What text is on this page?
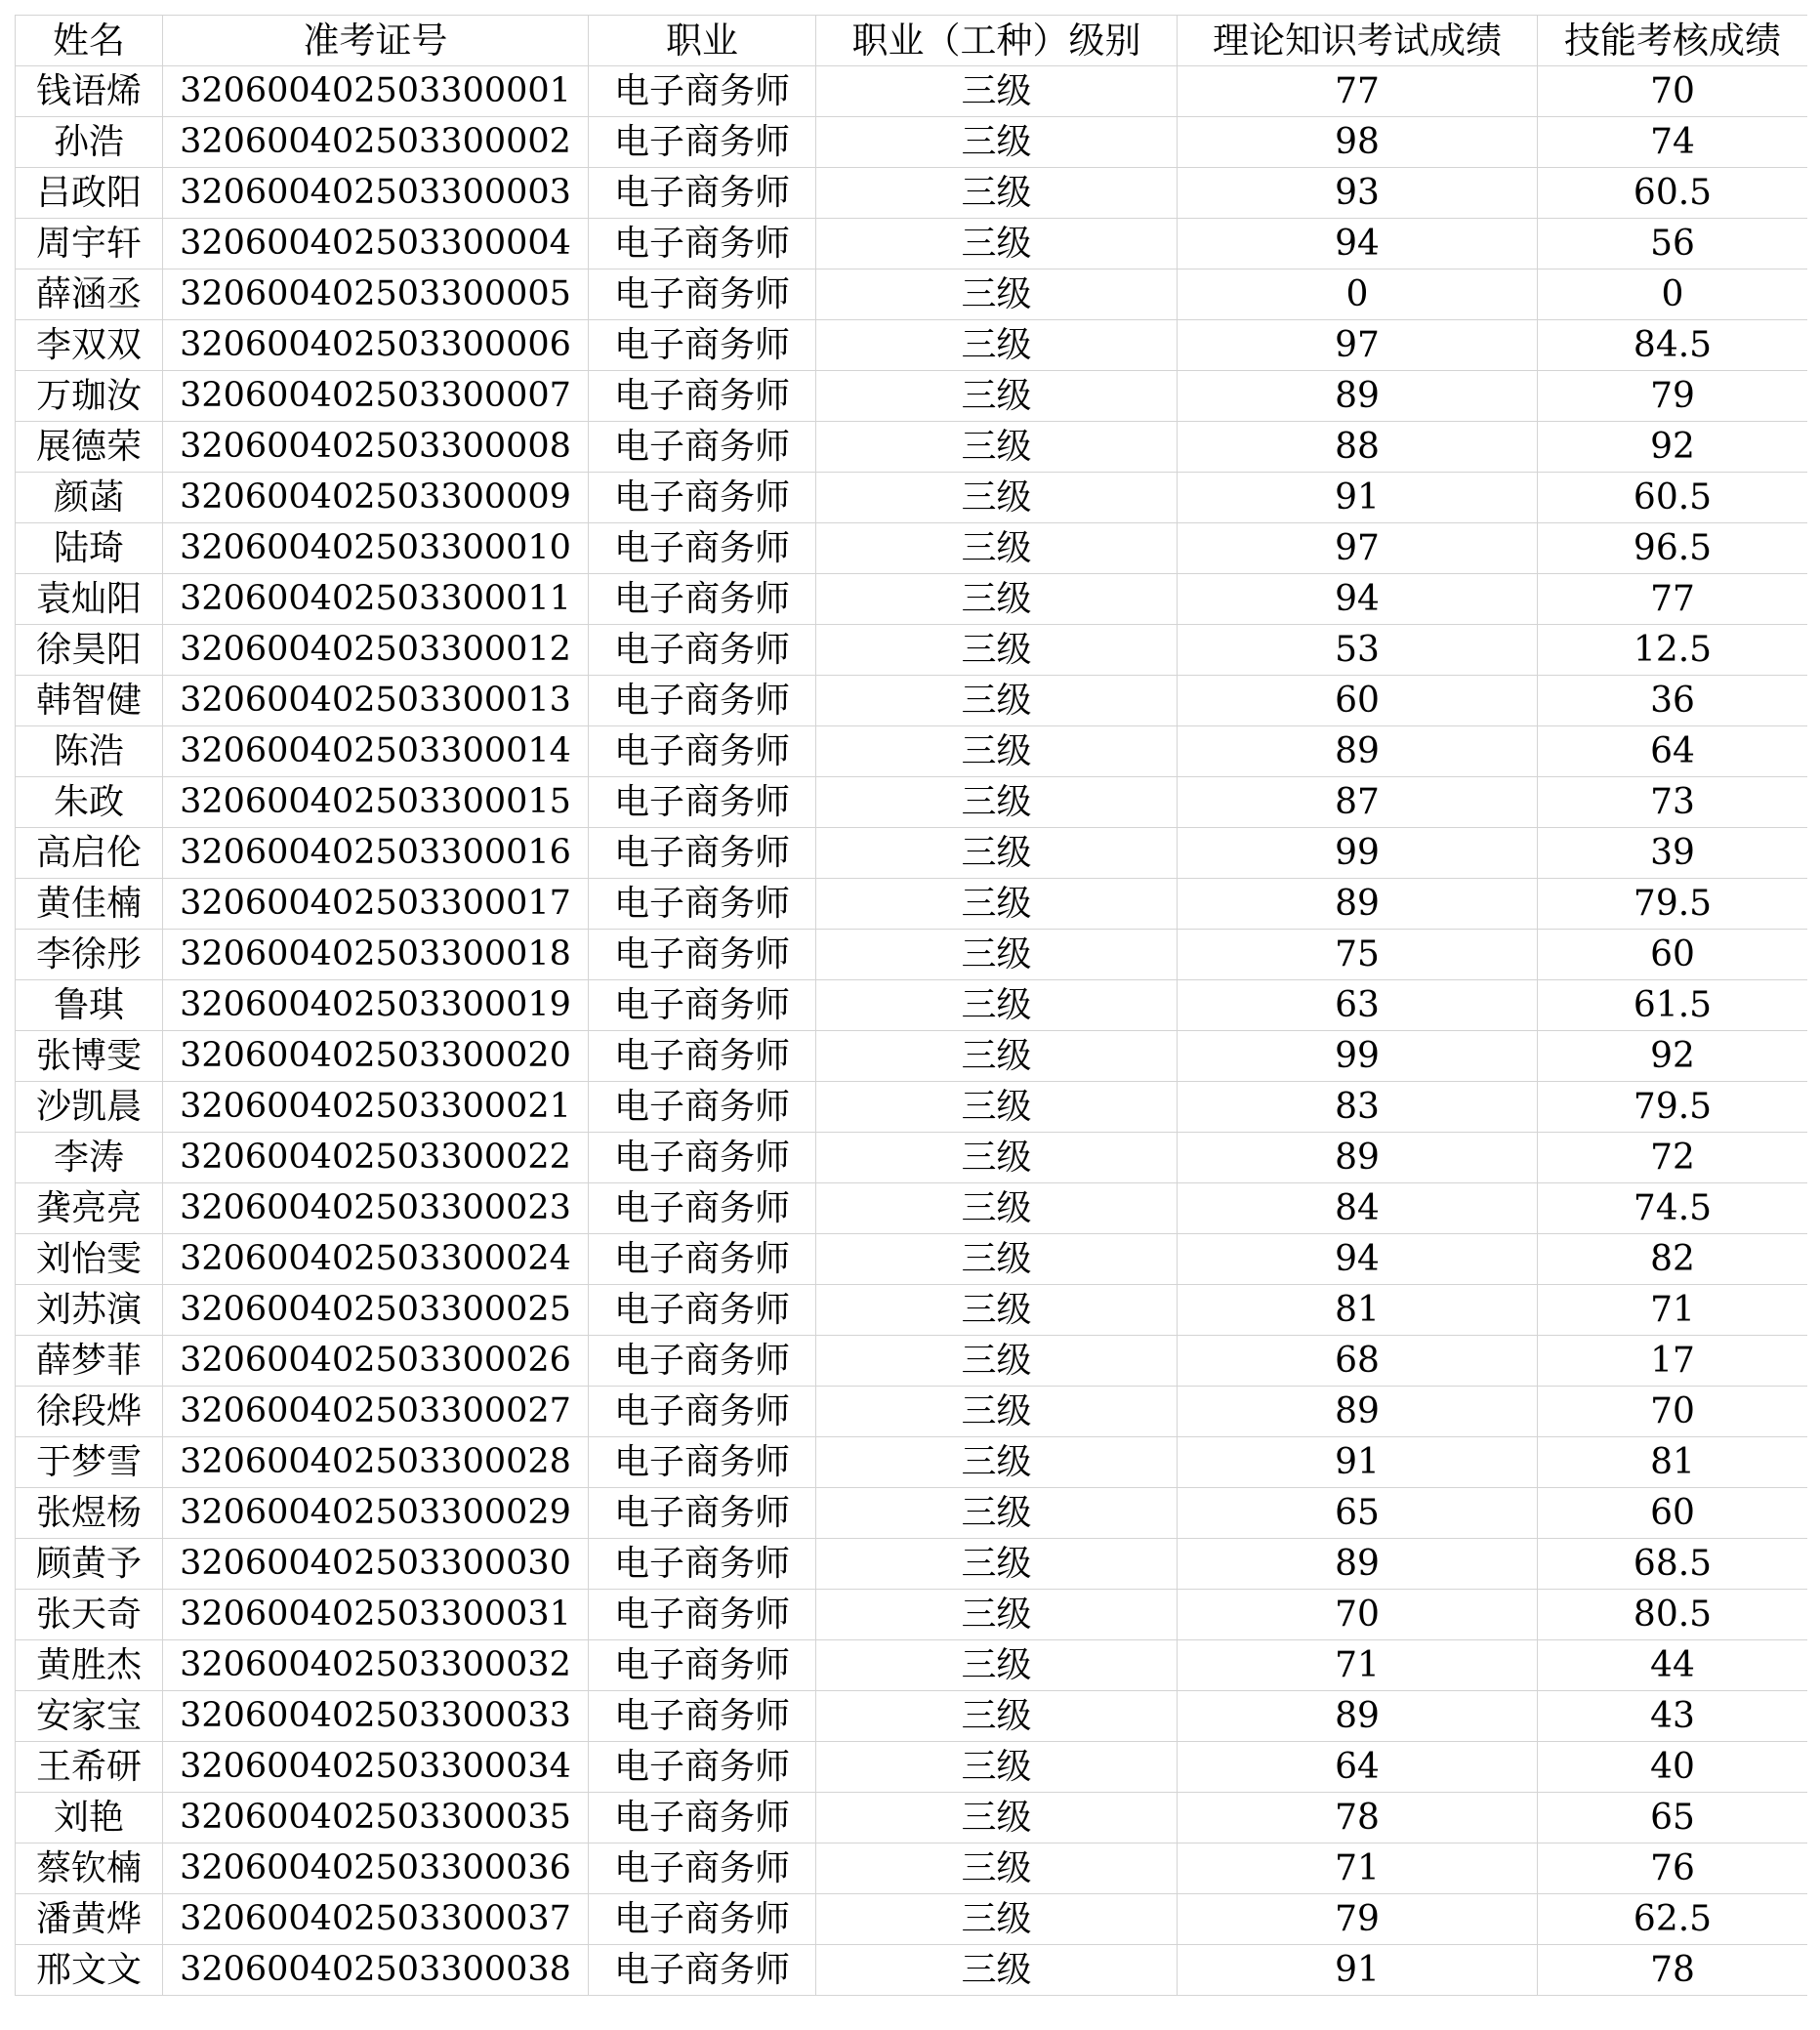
姓名	准考证号	职业	职业（工种）级别	理论知识考试成绩	技能考核成绩
钱语烯	320600402503300001	电子商务师	三级	77	70
孙浩	320600402503300002	电子商务师	三级	98	74
吕政阳	320600402503300003	电子商务师	三级	93	60.5
周宇轩	320600402503300004	电子商务师	三级	94	56
薛涵丞	320600402503300005	电子商务师	三级	0	0
李双双	320600402503300006	电子商务师	三级	97	84.5
万珈汝	320600402503300007	电子商务师	三级	89	79
展德荣	320600402503300008	电子商务师	三级	88	92
颜菡	320600402503300009	电子商务师	三级	91	60.5
陆琦	320600402503300010	电子商务师	三级	97	96.5
袁灿阳	320600402503300011	电子商务师	三级	94	77
徐昊阳	320600402503300012	电子商务师	三级	53	12.5
韩智健	320600402503300013	电子商务师	三级	60	36
陈浩	320600402503300014	电子商务师	三级	89	64
朱政	320600402503300015	电子商务师	三级	87	73
高启伦	320600402503300016	电子商务师	三级	99	39
黄佳楠	320600402503300017	电子商务师	三级	89	79.5
李徐彤	320600402503300018	电子商务师	三级	75	60
鲁琪	320600402503300019	电子商务师	三级	63	61.5
张博雯	320600402503300020	电子商务师	三级	99	92
沙凯晨	320600402503300021	电子商务师	三级	83	79.5
李涛	320600402503300022	电子商务师	三级	89	72
龚亮亮	320600402503300023	电子商务师	三级	84	74.5
刘怡雯	320600402503300024	电子商务师	三级	94	82
刘苏演	320600402503300025	电子商务师	三级	81	71
薛梦菲	320600402503300026	电子商务师	三级	68	17
徐段烨	320600402503300027	电子商务师	三级	89	70
于梦雪	320600402503300028	电子商务师	三级	91	81
张煜杨	320600402503300029	电子商务师	三级	65	60
顾黄予	320600402503300030	电子商务师	三级	89	68.5
张天奇	320600402503300031	电子商务师	三级	70	80.5
黄胜杰	320600402503300032	电子商务师	三级	71	44
安家宝	320600402503300033	电子商务师	三级	89	43
王希研	320600402503300034	电子商务师	三级	64	40
刘艳	320600402503300035	电子商务师	三级	78	65
蔡钦楠	320600402503300036	电子商务师	三级	71	76
潘黄烨	320600402503300037	电子商务师	三级	79	62.5
邢文文	320600402503300038	电子商务师	三级	91	78
